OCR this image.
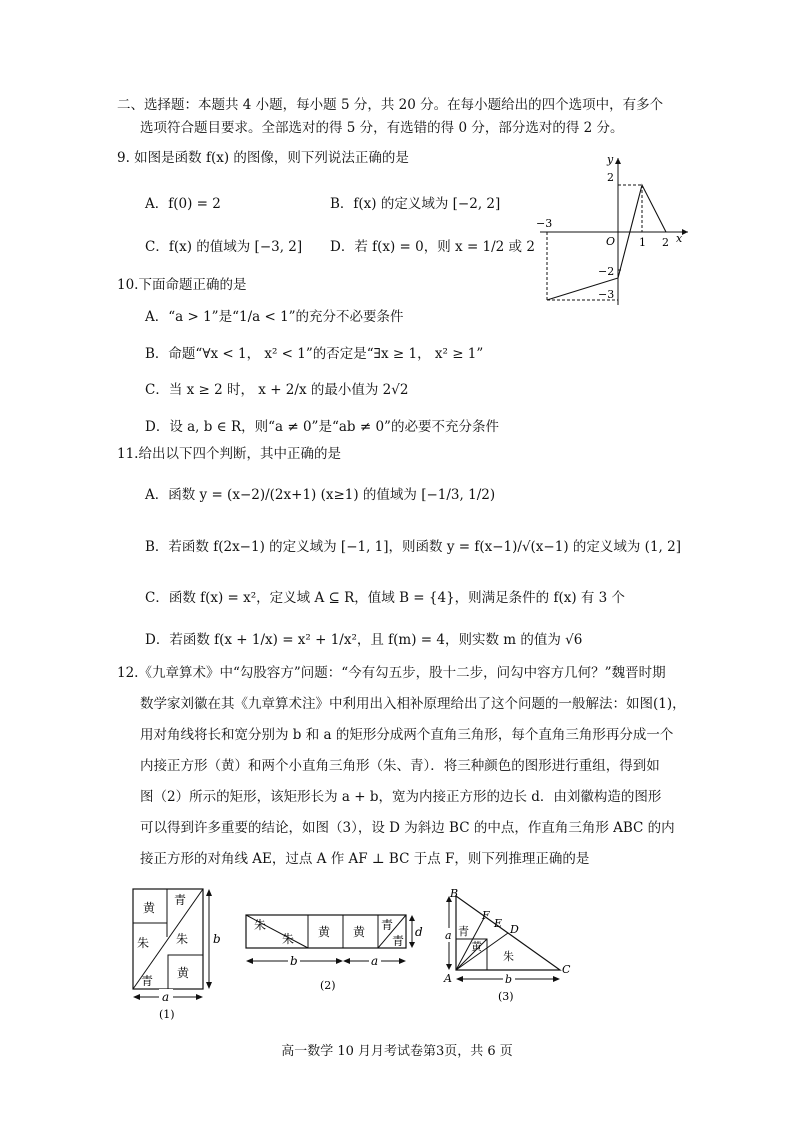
二、选择题：本题共 4 小题，每小题 5 分，共 20 分。在每小题给出的四个选项中，有多个
选项符合题目要求。全部选对的得 5 分，有选错的得 0 分，部分选对的得 2 分。
9. 如图是函数 f(x) 的图像，则下列说法正确的是
A．f(0) = 2	B．f(x) 的定义域为 [−2, 2]
C．f(x) 的值域为 [−3, 2] D．若 f(x) = 0，则 x = 1/2 或 2
y
x
O
−3
1 2
2
−2
−3
10.下面命题正确的是
A．“a > 1”是“1/a < 1”的充分不必要条件
B．命题“∀x < 1， x² < 1”的否定是“∃x ≥ 1， x² ≥ 1”
C．当 x ≥ 2 时， x + 2/x 的最小值为 2√2
D．设 a, b ∈ R，则“a ≠ 0”是“ab ≠ 0”的必要不充分条件
11.给出以下四个判断，其中正确的是
A．函数 y = (x−2)/(2x+1) (x≥1) 的值域为 [−1/3, 1/2)
B．若函数 f(2x−1) 的定义域为 [−1, 1]，则函数 y = f(x−1)/√(x−1) 的定义域为 (1, 2]
C．函数 f(x) = x²，定义域 A ⊆ R，值域 B = {4}，则满足条件的 f(x) 有 3 个
D．若函数 f(x + 1/x) = x² + 1/x²，且 f(m) = 4，则实数 m 的值为 √6
12.《九章算术》中“勾股容方”问题：“今有勾五步，股十二步，问勾中容方几何？”魏晋时期
数学家刘徽在其《九章算术注》中利用出入相补原理给出了这个问题的一般解法：如图(1)，
用对角线将长和宽分别为 b 和 a 的矩形分成两个直角三角形，每个直角三角形再分成一个
内接正方形（黄）和两个小直角三角形（朱、青）．将三种颜色的图形进行重组，得到如
图（2）所示的矩形，该矩形长为 a + b，宽为内接正方形的边长 d．由刘徽构造的图形
可以得到许多重要的结论，如图（3），设 D 为斜边 BC 的中点，作直角三角形 ABC 的内
接正方形的对角线 AE，过点 A 作 AF ⊥ BC 于点 F，则下列推理正确的是
黄
青
朱 朱
青
黄
b
a
(1)
朱
朱 黄 黄 青
青
d
b	a
(2)
B
F
E D
A
C
青
黄
朱
a
b
(3)
高一数学 10 月月考试卷第3页，共 6 页
